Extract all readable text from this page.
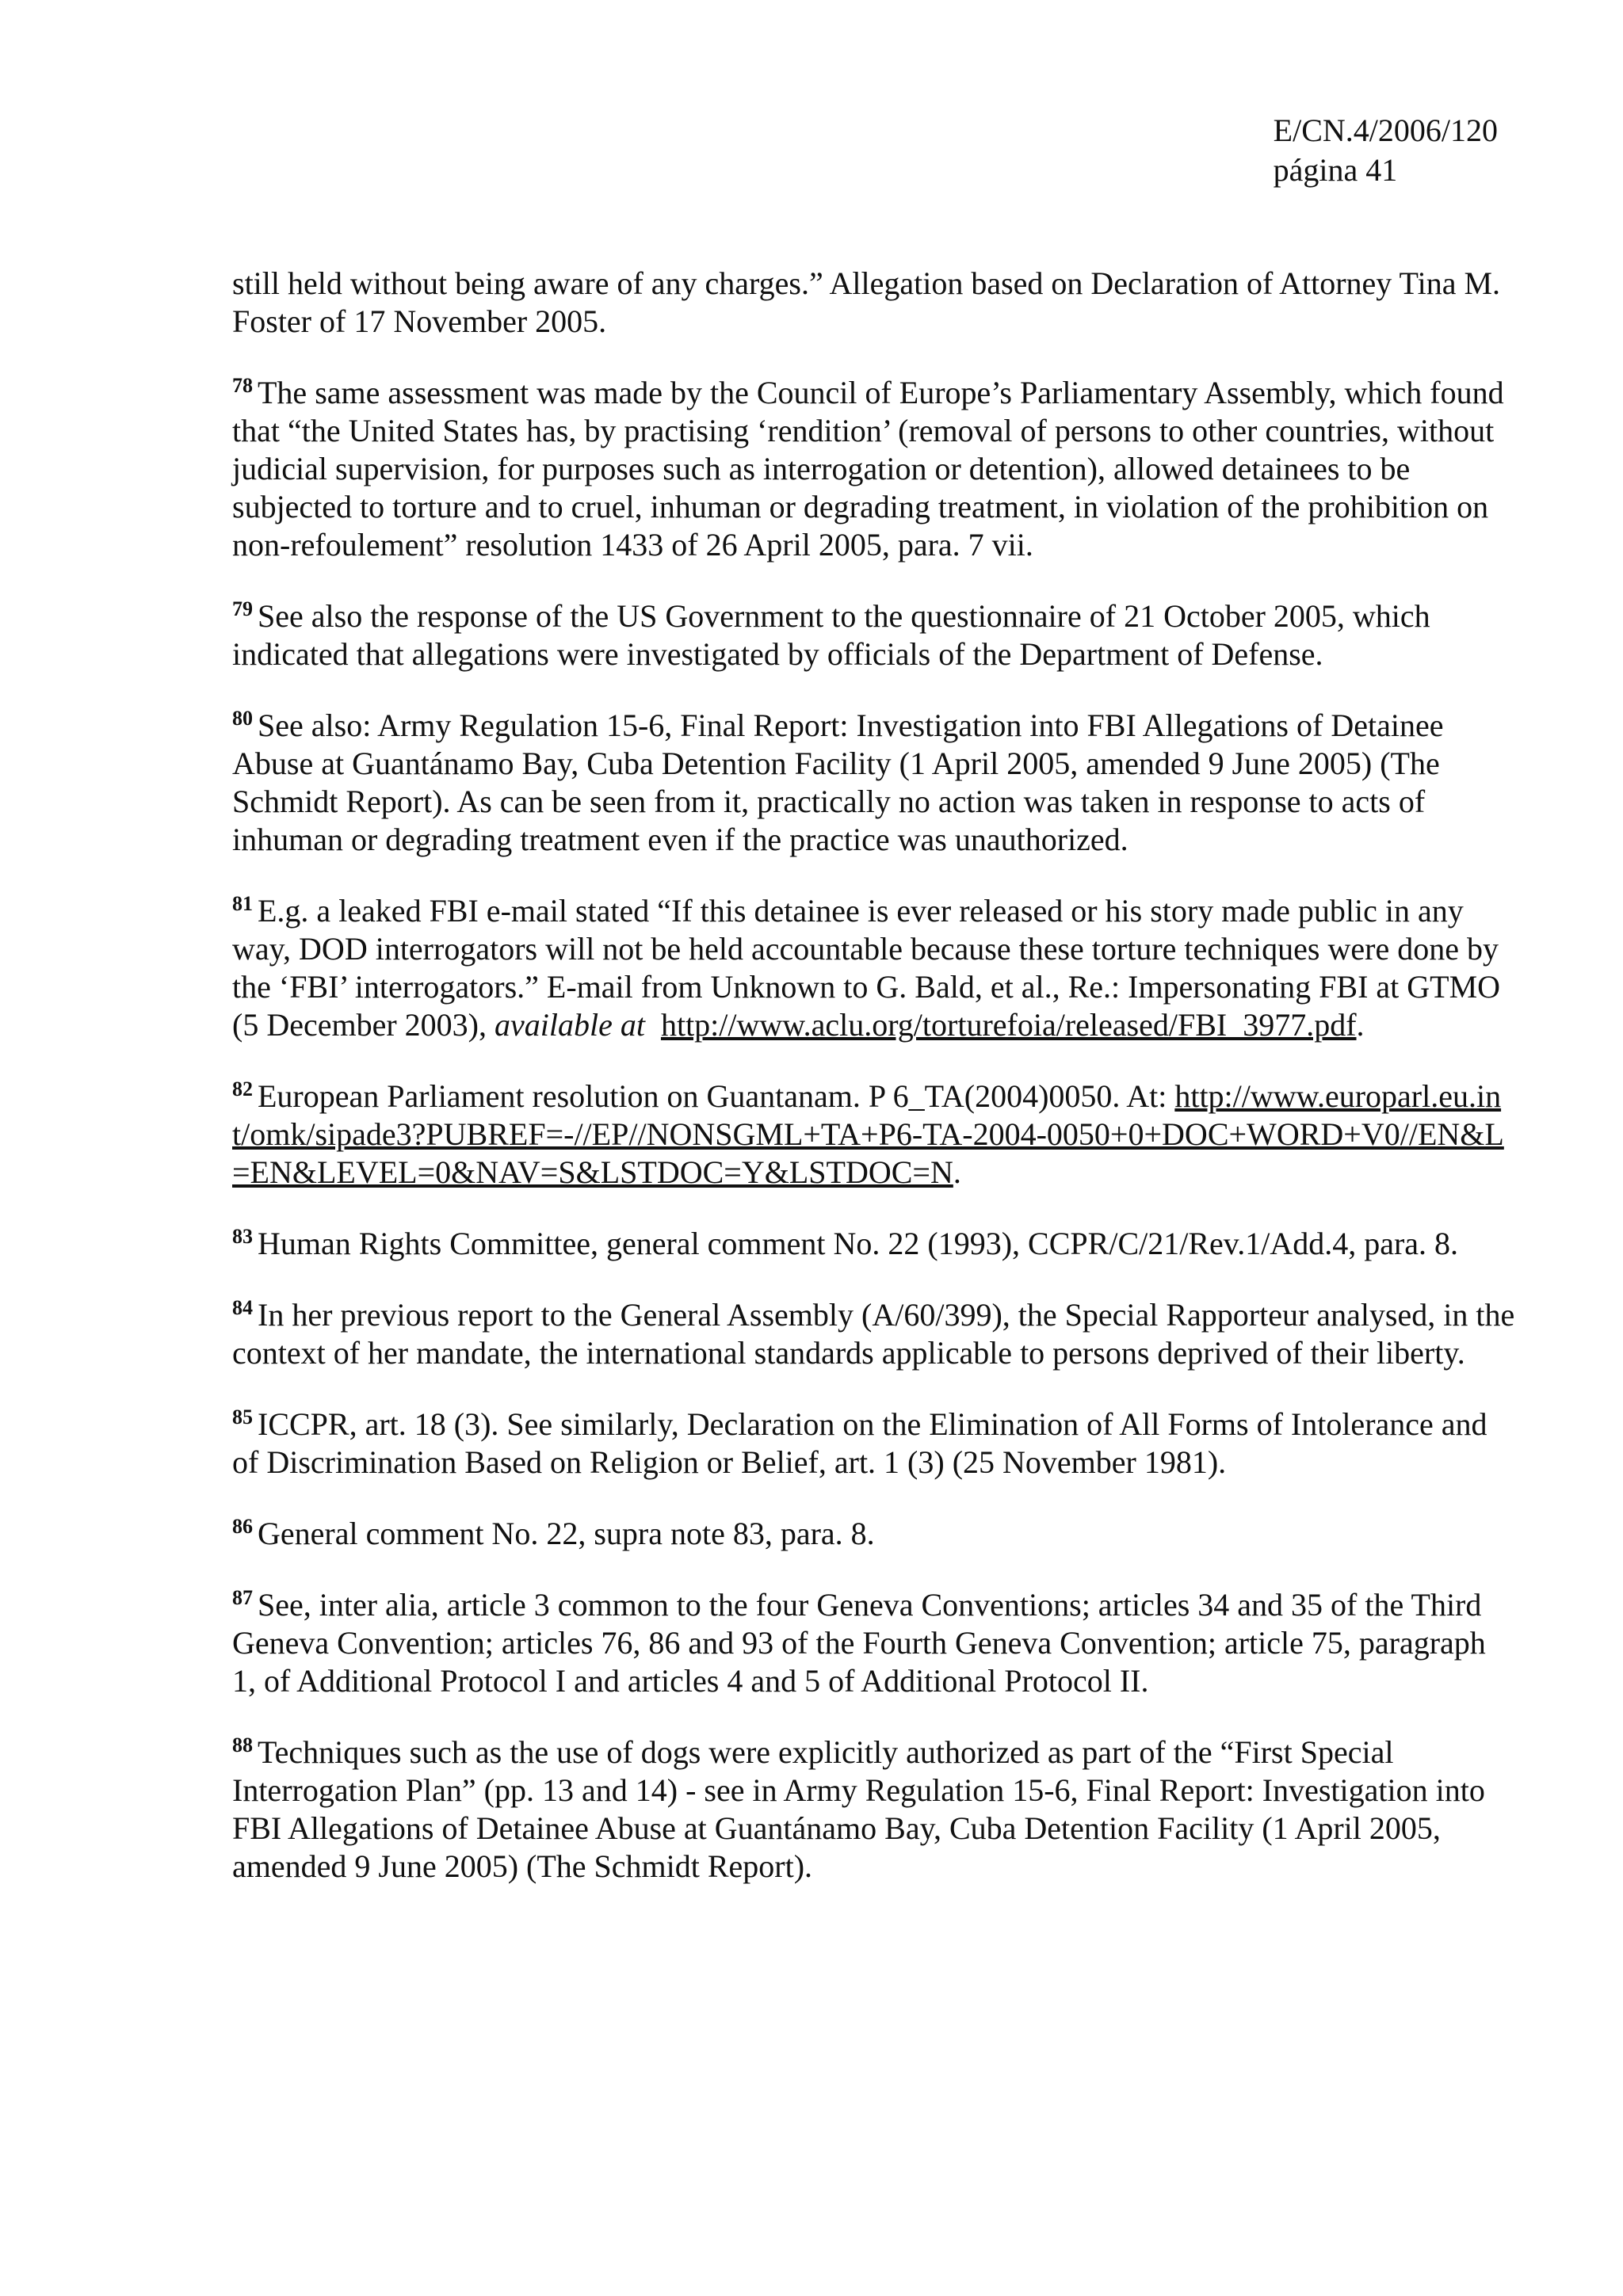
E/CN.4/2006/120
página 41

still held without being aware of any charges.” Allegation based on Declaration of Attorney Tina M. Foster of 17 November 2005.

$^{78}$ The same assessment was made by the Council of Europe’s Parliamentary Assembly, which found that “the United States has, by practising ‘rendition’ (removal of persons to other countries, without judicial supervision, for purposes such as interrogation or detention), allowed detainees to be subjected to torture and to cruel, inhuman or degrading treatment, in violation of the prohibition on non-refoulement” resolution 1433 of 26 April 2005, para. 7 vii.

$^{79}$ See also the response of the US Government to the questionnaire of 21 October 2005, which indicated that allegations were investigated by officials of the Department of Defense.

$^{80}$ See also: Army Regulation 15-6, Final Report: Investigation into FBI Allegations of Detainee Abuse at Guantánamo Bay, Cuba Detention Facility (1 April 2005, amended 9 June 2005) (The Schmidt Report). As can be seen from it, practically no action was taken in response to acts of inhuman or degrading treatment even if the practice was unauthorized.

$^{81}$ E.g. a leaked FBI e-mail stated “If this detainee is ever released or his story made public in any way, DOD interrogators will not be held accountable because these torture techniques were done by the ‘FBI’ interrogators.” E-mail from Unknown to G. Bald, et al., Re.: Impersonating FBI at GTMO (5 December 2003), available at http://www.aclu.org/torturefoia/released/FBI_3977.pdf.

$^{82}$ European Parliament resolution on Guantanam. P 6_TA(2004)0050. At: http://www.europarl.eu.int/omk/sipade3?PUBREF=-//EP//NONSGML+TA+P6-TA-2004-0050+0+DOC+WORD+V0//EN&L=EN&LEVEL=0&NAV=S&LSTDOC=Y&LSTDOC=N.

$^{83}$ Human Rights Committee, general comment No. 22 (1993), CCPR/C/21/Rev.1/Add.4, para. 8.

$^{84}$ In her previous report to the General Assembly (A/60/399), the Special Rapporteur analysed, in the context of her mandate, the international standards applicable to persons deprived of their liberty.

$^{85}$ ICCPR, art. 18 (3). See similarly, Declaration on the Elimination of All Forms of Intolerance and of Discrimination Based on Religion or Belief, art. 1 (3) (25 November 1981).

$^{86}$ General comment No. 22, supra note 83, para. 8.

$^{87}$ See, inter alia, article 3 common to the four Geneva Conventions; articles 34 and 35 of the Third Geneva Convention; articles 76, 86 and 93 of the Fourth Geneva Convention; article 75, paragraph 1, of Additional Protocol I and articles 4 and 5 of Additional Protocol II.

$^{88}$ Techniques such as the use of dogs were explicitly authorized as part of the “First Special Interrogation Plan” (pp. 13 and 14) - see in Army Regulation 15-6, Final Report: Investigation into FBI Allegations of Detainee Abuse at Guantánamo Bay, Cuba Detention Facility (1 April 2005, amended 9 June 2005) (The Schmidt Report).
